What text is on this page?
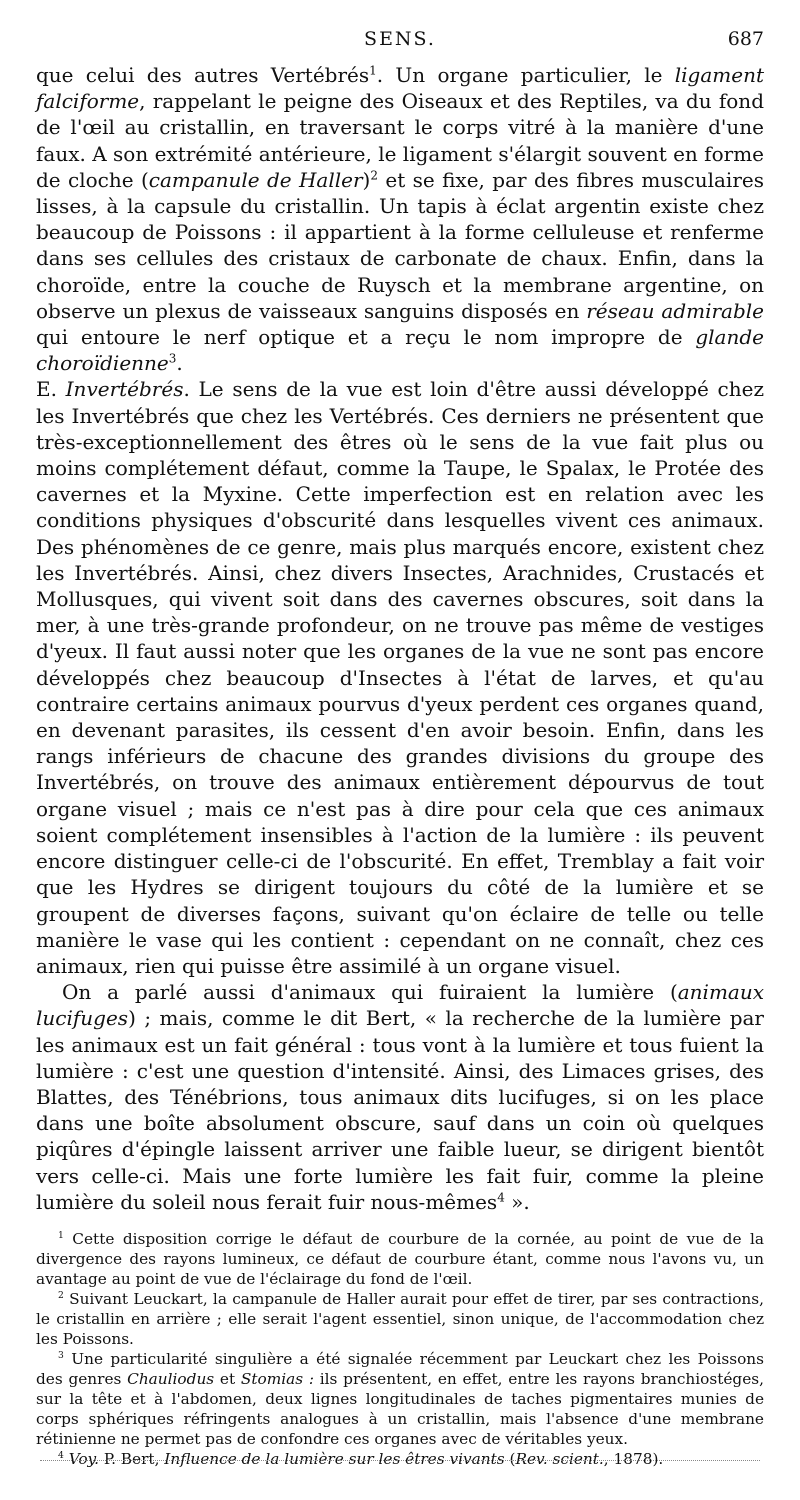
SENS.	687

que celui des autres Vertébrés$^1$. Un organe particulier, le ligament falciforme, rappelant le peigne des Oiseaux et des Reptiles, va du fond de l'œil au cristallin, en traversant le corps vitré à la manière d'une faux. A son extrémité antérieure, le ligament s'élargit souvent en forme de cloche (campanule de Haller)$^2$ et se fixe, par des fibres musculaires lisses, à la capsule du cristallin. Un tapis à éclat argentin existe chez beaucoup de Poissons : il appartient à la forme celluleuse et renferme dans ses cellules des cristaux de carbonate de chaux. Enfin, dans la choroïde, entre la couche de Ruysch et la membrane argentine, on observe un plexus de vaisseaux sanguins disposés en réseau admirable qui entoure le nerf optique et a reçu le nom impropre de glande choroïdienne$^3$.

E. Invertébrés. Le sens de la vue est loin d'être aussi développé chez les Invertébrés que chez les Vertébrés. Ces derniers ne présentent que très-exceptionnellement des êtres où le sens de la vue fait plus ou moins complétement défaut, comme la Taupe, le Spalax, le Protée des cavernes et la Myxine. Cette imperfection est en relation avec les conditions physiques d'obscurité dans lesquelles vivent ces animaux. Des phénomènes de ce genre, mais plus marqués encore, existent chez les Invertébrés. Ainsi, chez divers Insectes, Arachnides, Crustacés et Mollusques, qui vivent soit dans des cavernes obscures, soit dans la mer, à une très-grande profondeur, on ne trouve pas même de vestiges d'yeux. Il faut aussi noter que les organes de la vue ne sont pas encore développés chez beaucoup d'Insectes à l'état de larves, et qu'au contraire certains animaux pourvus d'yeux perdent ces organes quand, en devenant parasites, ils cessent d'en avoir besoin. Enfin, dans les rangs inférieurs de chacune des grandes divisions du groupe des Invertébrés, on trouve des animaux entièrement dépourvus de tout organe visuel ; mais ce n'est pas à dire pour cela que ces animaux soient complétement insensibles à l'action de la lumière : ils peuvent encore distinguer celle-ci de l'obscurité. En effet, Tremblay a fait voir que les Hydres se dirigent toujours du côté de la lumière et se groupent de diverses façons, suivant qu'on éclaire de telle ou telle manière le vase qui les contient : cependant on ne connaît, chez ces animaux, rien qui puisse être assimilé à un organe visuel.

On a parlé aussi d'animaux qui fuiraient la lumière (animaux lucifuges) ; mais, comme le dit Bert, « la recherche de la lumière par les animaux est un fait général : tous vont à la lumière et tous fuient la lumière : c'est une question d'intensité. Ainsi, des Limaces grises, des Blattes, des Ténébrions, tous animaux dits lucifuges, si on les place dans une boîte absolument obscure, sauf dans un coin où quelques piqûres d'épingle laissent arriver une faible lueur, se dirigent bientôt vers celle-ci. Mais une forte lumière les fait fuir, comme la pleine lumière du soleil nous ferait fuir nous-mêmes$^4$ ».

$^1$ Cette disposition corrige le défaut de courbure de la cornée, au point de vue de la divergence des rayons lumineux, ce défaut de courbure étant, comme nous l'avons vu, un avantage au point de vue de l'éclairage du fond de l'œil.

$^2$ Suivant Leuckart, la campanule de Haller aurait pour effet de tirer, par ses contractions, le cristallin en arrière ; elle serait l'agent essentiel, sinon unique, de l'accommodation chez les Poissons.

$^3$ Une particularité singulière a été signalée récemment par Leuckart chez les Poissons des genres Chauliodus et Stomias : ils présentent, en effet, entre les rayons branchiostéges, sur la tête et à l'abdomen, deux lignes longitudinales de taches pigmentaires munies de corps sphériques réfringents analogues à un cristallin, mais l'absence d'une membrane rétinienne ne permet pas de confondre ces organes avec de véritables yeux.

$^4$ Voy. P. Bert, Influence de la lumière sur les êtres vivants (Rev. scient., 1878).
